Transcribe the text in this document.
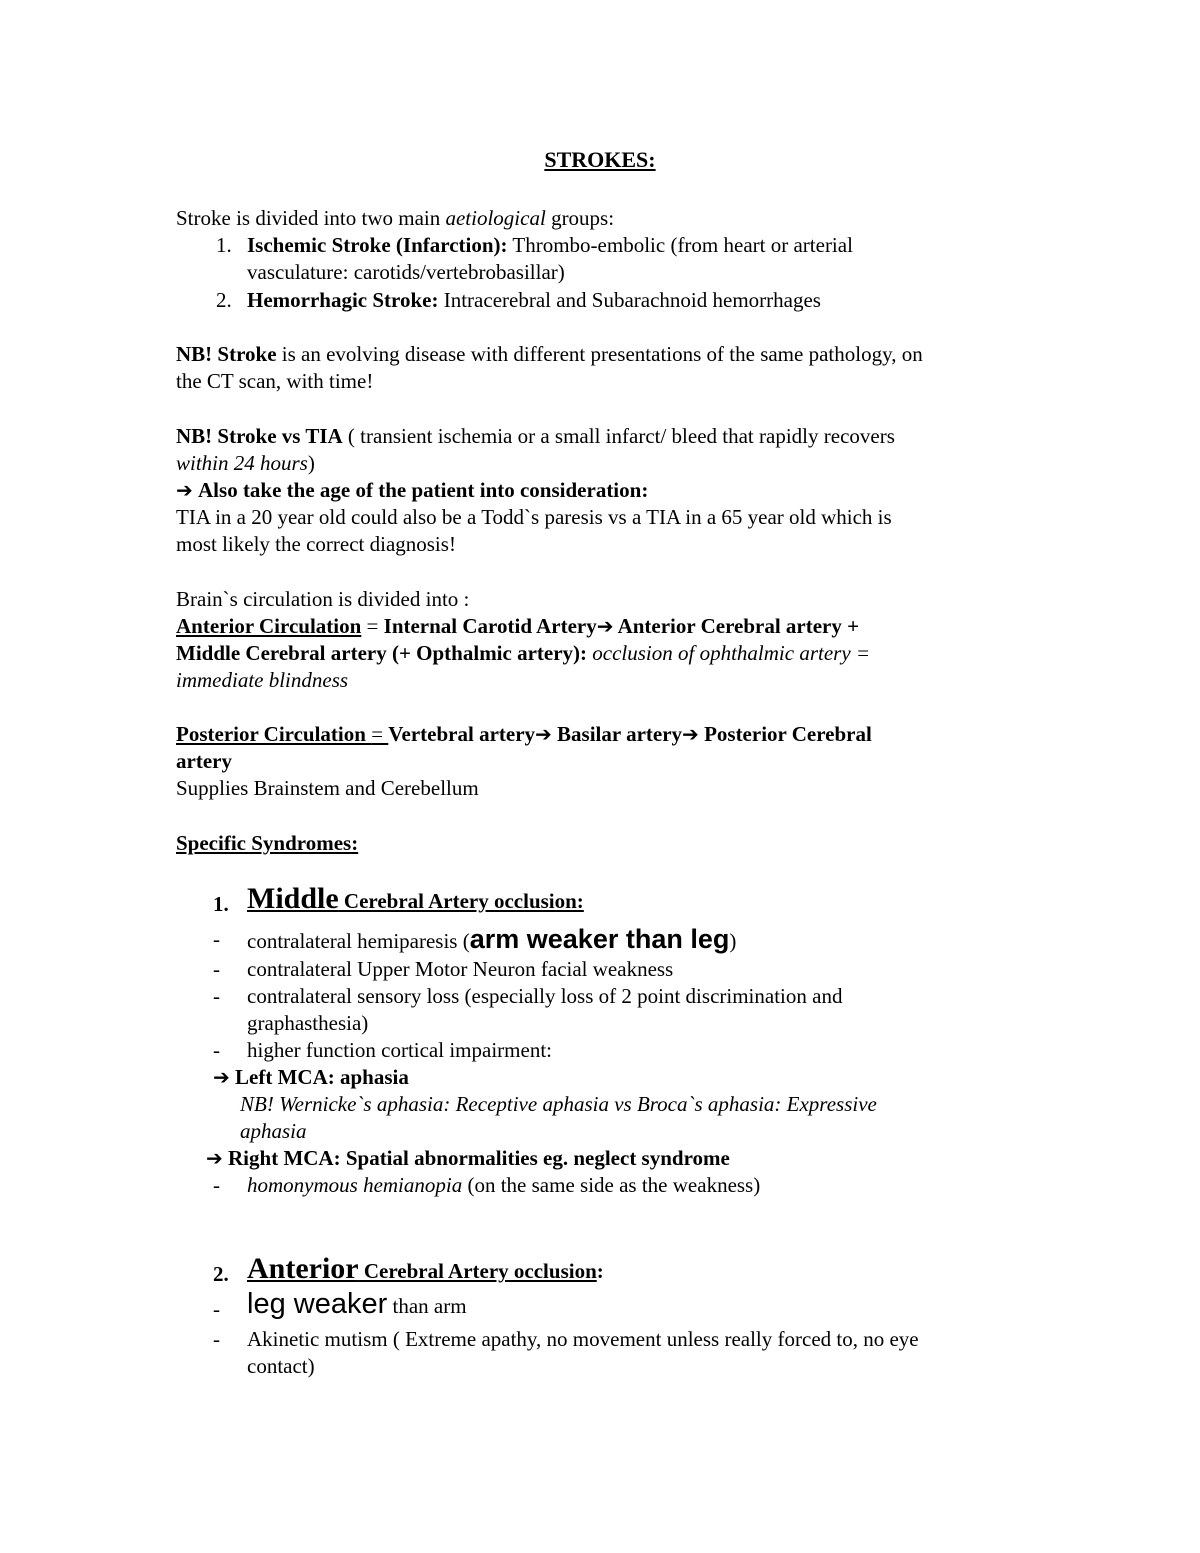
STROKES:
Stroke is divided into two main aetiological groups:
1. Ischemic Stroke (Infarction): Thrombo-embolic (from heart or arterial
vasculature: carotids/vertebrobasillar)
2. Hemorrhagic Stroke: Intracerebral and Subarachnoid hemorrhages
NB! Stroke is an evolving disease with different presentations of the same pathology, on
the CT scan, with time!
NB! Stroke vs TIA ( transient ischemia or a small infarct/ bleed that rapidly recovers
within 24 hours)
➔ Also take the age of the patient into consideration:
TIA in a 20 year old could also be a Todd`s paresis vs a TIA in a 65 year old which is
most likely the correct diagnosis!
Brain`s circulation is divided into :
Anterior Circulation = Internal Carotid Artery➔ Anterior Cerebral artery +
Middle Cerebral artery (+ Opthalmic artery): occlusion of ophthalmic artery =
immediate blindness
Posterior Circulation = Vertebral artery➔ Basilar artery➔ Posterior Cerebral
artery
Supplies Brainstem and Cerebellum
Specific Syndromes:
1. Middle Cerebral Artery occlusion:
- contralateral hemiparesis (arm weaker than leg)
- contralateral Upper Motor Neuron facial weakness
- contralateral sensory loss (especially loss of 2 point discrimination and
graphasthesia)
- higher function cortical impairment:
➔ Left MCA: aphasia
NB! Wernicke`s aphasia: Receptive aphasia vs Broca`s aphasia: Expressive
aphasia
➔ Right MCA: Spatial abnormalities eg. neglect syndrome
- homonymous hemianopia (on the same side as the weakness)
2. Anterior Cerebral Artery occlusion:
- leg weaker than arm
- Akinetic mutism ( Extreme apathy, no movement unless really forced to, no eye
contact)
